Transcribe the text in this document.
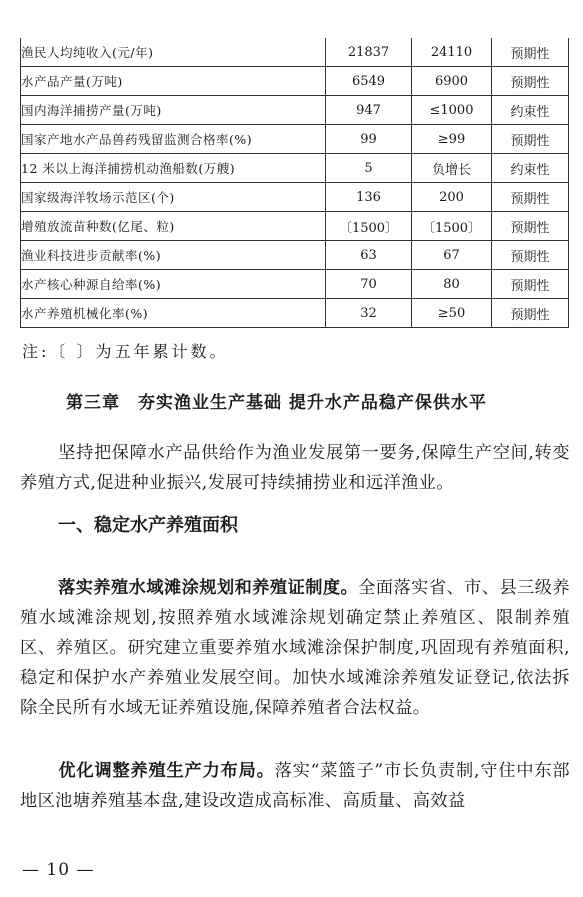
渔民人均纯收入(元/年)	21837	24110	预期性
水产品产量(万吨)	6549	6900	预期性
国内海洋捕捞产量(万吨)	947	≤1000	约束性
国家产地水产品兽药残留监测合格率(%)	99	≥99	预期性
12 米以上海洋捕捞机动渔船数(万艘)	5	负增长	约束性
国家级海洋牧场示范区(个)	136	200	预期性
增殖放流苗种数(亿尾、粒)	〔1500〕	〔1500〕	预期性
渔业科技进步贡献率(%)	63	67	预期性
水产核心种源自给率(%)	70	80	预期性
水产养殖机械化率(%)	32	≥50	预期性
注:〔 〕为五年累计数。
第三章　夯实渔业生产基础 提升水产品稳产保供水平
坚持把保障水产品供给作为渔业发展第一要务,保障生产空间,转变养殖方式,促进种业振兴,发展可持续捕捞业和远洋渔业。
一、稳定水产养殖面积
落实养殖水域滩涂规划和养殖证制度。全面落实省、市、县三级养殖水域滩涂规划,按照养殖水域滩涂规划确定禁止养殖区、限制养殖区、养殖区。研究建立重要养殖水域滩涂保护制度,巩固现有养殖面积,稳定和保护水产养殖业发展空间。加快水域滩涂养殖发证登记,依法拆除全民所有水域无证养殖设施,保障养殖者合法权益。
优化调整养殖生产力布局。落实“菜篮子”市长负责制,守住中东部地区池塘养殖基本盘,建设改造成高标准、高质量、高效益
— 10 —
